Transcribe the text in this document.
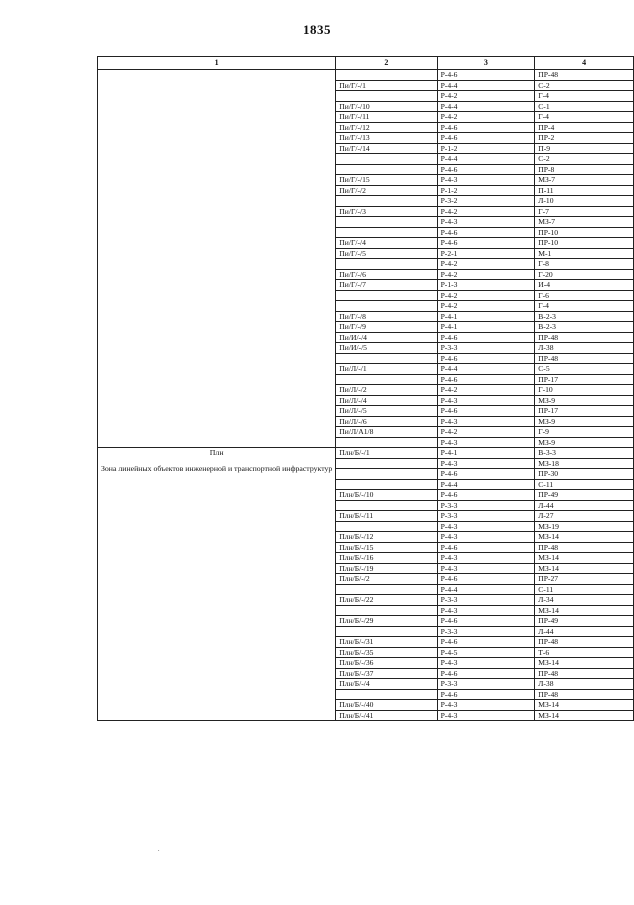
1835
1	2	3	4
		Р-4-6	ПР-48
	Пи/Г/-/1	Р-4-4	С-2
		Р-4-2	Г-4
	Пи/Г/-/10	Р-4-4	С-1
	Пи/Г/-/11	Р-4-2	Г-4
	Пи/Г/-/12	Р-4-6	ПР-4
	Пи/Г/-/13	Р-4-6	ПР-2
	Пи/Г/-/14	Р-1-2	П-9
		Р-4-4	С-2
		Р-4-6	ПР-8
	Пи/Г/-/15	Р-4-3	МЗ-7
	Пи/Г/-/2	Р-1-2	П-11
		Р-3-2	Л-10
	Пи/Г/-/3	Р-4-2	Г-7
		Р-4-3	МЗ-7
		Р-4-6	ПР-10
	Пи/Г/-/4	Р-4-6	ПР-10
	Пи/Г/-/5	Р-2-1	М-1
		Р-4-2	Г-8
	Пи/Г/-/6	Р-4-2	Г-20
	Пи/Г/-/7	Р-1-3	И-4
		Р-4-2	Г-6
		Р-4-2	Г-4
	Пи/Г/-/8	Р-4-1	В-2-3
	Пи/Г/-/9	Р-4-1	В-2-3
	Пи/И/-/4	Р-4-6	ПР-48
	Пи/И/-/5	Р-3-3	Л-38
		Р-4-6	ПР-48
	Пи/Л/-/1	Р-4-4	С-5
		Р-4-6	ПР-17
	Пи/Л/-/2	Р-4-2	Г-10
	Пи/Л/-/4	Р-4-3	МЗ-9
	Пи/Л/-/5	Р-4-6	ПР-17
	Пи/Л/-/6	Р-4-3	МЗ-9
	Пи/Л/А1/8	Р-4-2	Г-9
		Р-4-3	МЗ-9

Плн
Зона линейных объектов инженерной и транспортной инфраструктур	Плн/Б/-/1	Р-4-1	В-3-3
		Р-4-3	МЗ-18
		Р-4-6	ПР-30
		Р-4-4	С-11
	Плн/Б/-/10	Р-4-6	ПР-49
		Р-3-3	Л-44
	Плн/Б/-/11	Р-3-3	Л-27
		Р-4-3	МЗ-19
	Плн/Б/-/12	Р-4-3	МЗ-14
	Плн/Б/-/15	Р-4-6	ПР-48
	Плн/Б/-/16	Р-4-3	МЗ-14
	Плн/Б/-/19	Р-4-3	МЗ-14
	Плн/Б/-/2	Р-4-6	ПР-27
		Р-4-4	С-11
	Плн/Б/-/22	Р-3-3	Л-34
		Р-4-3	МЗ-14
	Плн/Б/-/29	Р-4-6	ПР-49
		Р-3-3	Л-44
	Плн/Б/-/31	Р-4-6	ПР-48
	Плн/Б/-/35	Р-4-5	Т-6
	Плн/Б/-/36	Р-4-3	МЗ-14
	Плн/Б/-/37	Р-4-6	ПР-48
	Плн/Б/-/4	Р-3-3	Л-38
		Р-4-6	ПР-48
	Плн/Б/-/40	Р-4-3	МЗ-14
	Плн/Б/-/41	Р-4-3	МЗ-14
.
